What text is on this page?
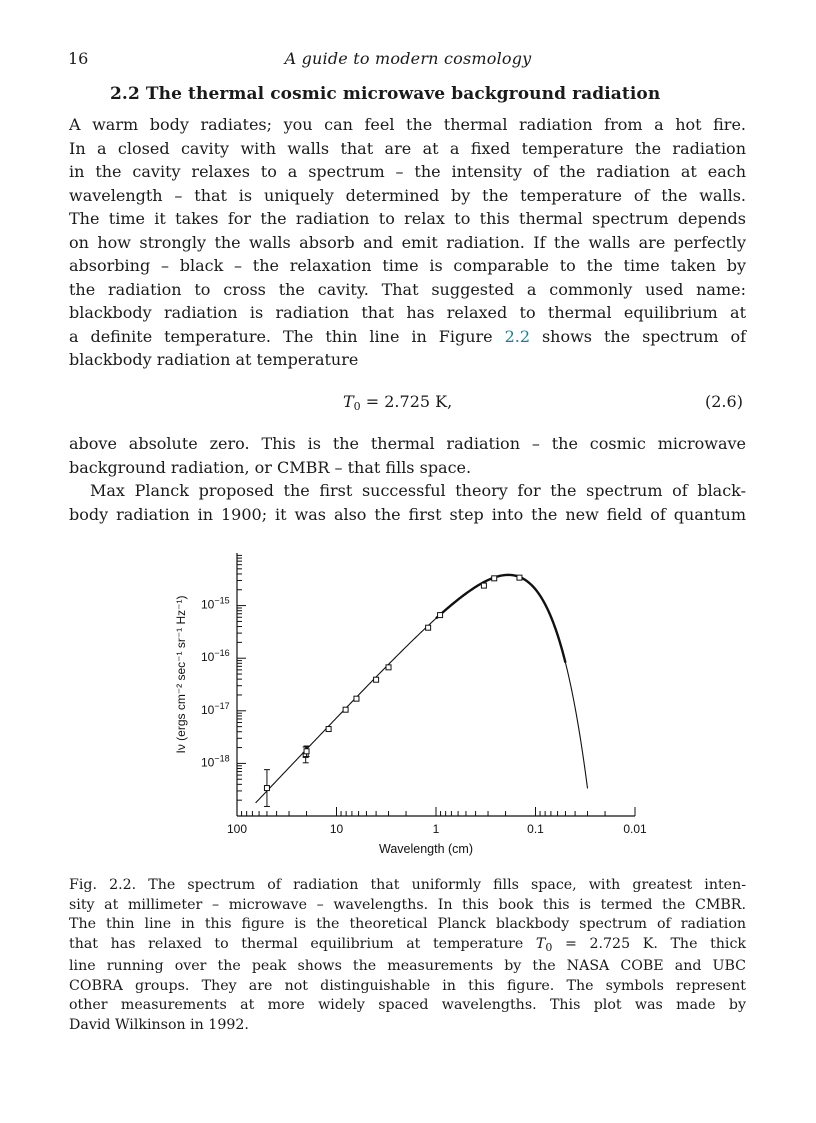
16	A guide to modern cosmology
2.2 The thermal cosmic microwave background radiation
A warm body radiates; you can feel the thermal radiation from a hot fire.
In a closed cavity with walls that are at a fixed temperature the radiation
in the cavity relaxes to a spectrum – the intensity of the radiation at each
wavelength – that is uniquely determined by the temperature of the walls.
The time it takes for the radiation to relax to this thermal spectrum depends
on how strongly the walls absorb and emit radiation. If the walls are perfectly
absorbing – black – the relaxation time is comparable to the time taken by
the radiation to cross the cavity. That suggested a commonly used name:
blackbody radiation is radiation that has relaxed to thermal equilibrium at
a definite temperature. The thin line in Figure 2.2 shows the spectrum of
blackbody radiation at temperature
$T_0 = 2.725$ K,	(2.6)
above absolute zero. This is the thermal radiation – the cosmic microwave
background radiation, or CMBR – that fills space.
Max Planck proposed the first successful theory for the spectrum of black-
body radiation in 1900; it was also the first step into the new field of quantum
100	10	1	0.1	0.01
$10^{-15}$
$10^{-16}$
$10^{-17}$
$10^{-18}$
Wavelength (cm)
Iν (ergs cm⁻² sec⁻¹ sr⁻¹ Hz⁻¹)
Fig. 2.2. The spectrum of radiation that uniformly fills space, with greatest inten-
sity at millimeter – microwave – wavelengths. In this book this is termed the CMBR.
The thin line in this figure is the theoretical Planck blackbody spectrum of radiation
that has relaxed to thermal equilibrium at temperature $T_0 = 2.725$ K. The thick
line running over the peak shows the measurements by the NASA COBE and UBC
COBRA groups. They are not distinguishable in this figure. The symbols represent
other measurements at more widely spaced wavelengths. This plot was made by
David Wilkinson in 1992.
